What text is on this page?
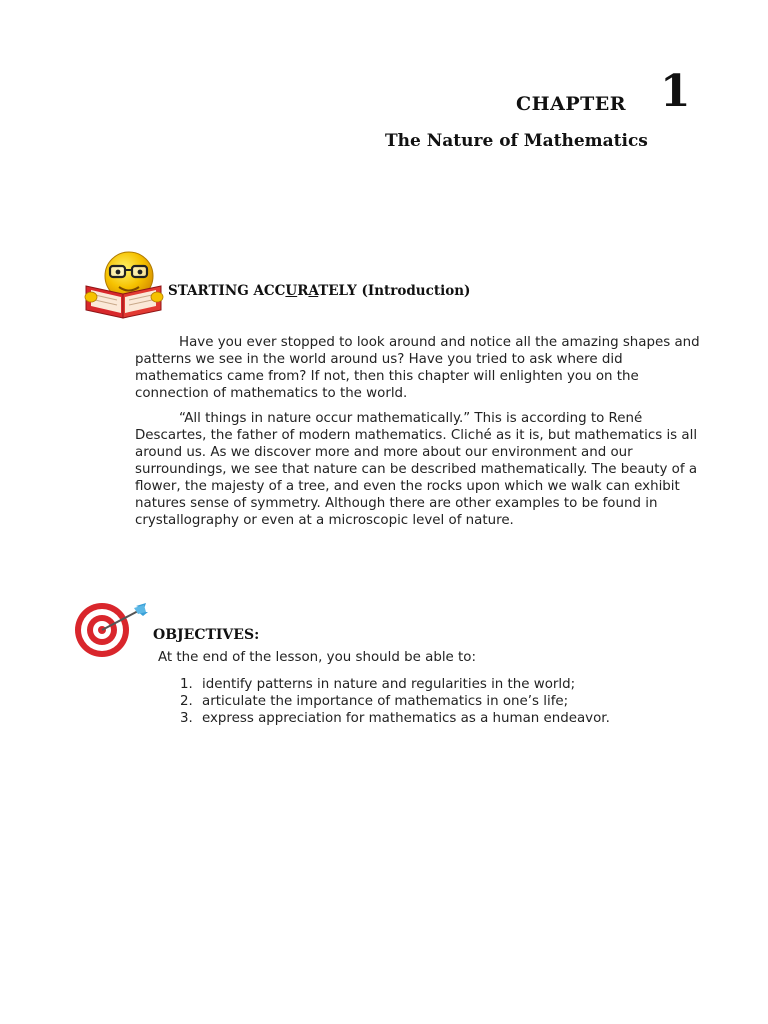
CHAPTER 1
The Nature of Mathematics
STARTING ACCURATELY (Introduction)

Have you ever stopped to look around and notice all the amazing shapes and patterns we see in the world around us? Have you tried to ask where did mathematics came from? If not, then this chapter will enlighten you on the connection of mathematics to the world.

“All things in nature occur mathematically.” This is according to René Descartes, the father of modern mathematics. Cliché as it is, but mathematics is all around us. As we discover more and more about our environment and our surroundings, we see that nature can be described mathematically. The beauty of a flower, the majesty of a tree, and even the rocks upon which we walk can exhibit natures sense of symmetry. Although there are other examples to be found in crystallography or even at a microscopic level of nature.

OBJECTIVES:
At the end of the lesson, you should be able to:
1. identify patterns in nature and regularities in the world;
2. articulate the importance of mathematics in one’s life;
3. express appreciation for mathematics as a human endeavor.
